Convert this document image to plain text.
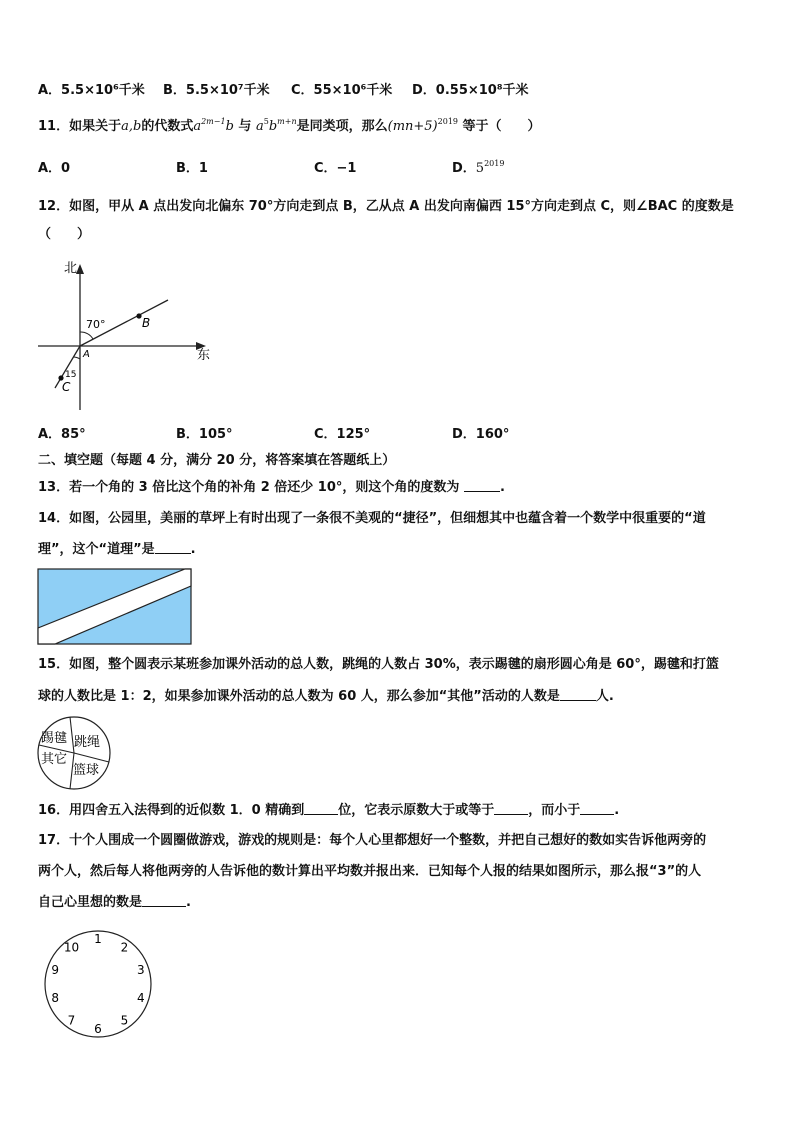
A．5.5×10⁶千米 B．5.5×10⁷千米 C．55×10⁶千米 D．0.55×10⁸千米
11．如果关于a,b的代数式$a^{2m-1}b$ 与 $a^5b^{m+n}$是同类项，那么$(mn+5)^{2019}$ 等于（　　）
A．0	B．1	C．−1	D．$5^{2019}$
12．如图，甲从 A 点出发向北偏东 70°方向走到点 B，乙从点 A 出发向南偏西 15°方向走到点 C，则∠BAC 的度数是
（　　）
北
东
70°
15
A
B
C
A．85°	B．105°	C．125°	D．160°
二、填空题（每题 4 分，满分 20 分，将答案填在答题纸上）
13．若一个角的 3 倍比这个角的补角 2 倍还少 10°，则这个角的度数为	.
14．如图，公园里，美丽的草坪上有时出现了一条很不美观的“捷径”，但细想其中也蕴含着一个数学中很重要的“道
理”，这个“道理”是	.
15．如图，整个圆表示某班参加课外活动的总人数，跳绳的人数占 30%，表示踢毽的扇形圆心角是 60°，踢毽和打篮
球的人数比是 1：2，如果参加课外活动的总人数为 60 人，那么参加“其他”活动的人数是	人.
踢毽 跳绳
其它
篮球
16．用四舍五入法得到的近似数 1．0 精确到	位，它表示原数大于或等于	，而小于	.
17．十个人围成一个圆圈做游戏，游戏的规则是：每个人心里都想好一个整数，并把自己想好的数如实告诉他两旁的
两个人，然后每人将他两旁的人告诉他的数计算出平均数并报出来．已知每个人报的结果如图所示，那么报“3”的人
自己心里想的数是	.
1
2
3
4
5
6
7
8
9
10
